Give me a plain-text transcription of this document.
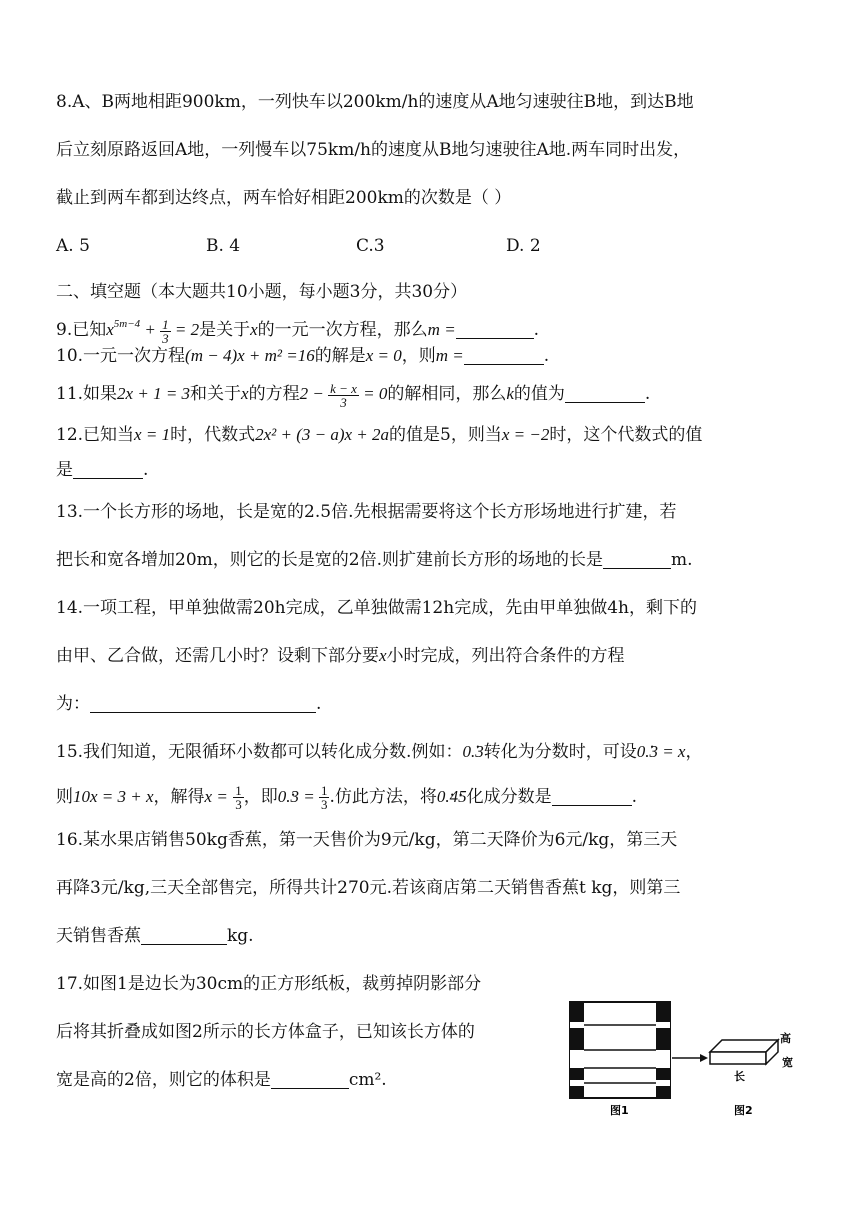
8.A、B两地相距900km，一列快车以200km/h的速度从A地匀速驶往B地，到达B地
后立刻原路返回A地，一列慢车以75km/h的速度从B地匀速驶往A地.两车同时出发，
截止到两车都到达终点，两车恰好相距200km的次数是（ ）
A. 5	B. 4	C.3	D. 2
二、填空题（本大题共10小题，每小题3分，共30分）
9.已知$x^{5m-4} + \frac{1}{3} = 2$是关于x的一元一次方程，那么m =	.
10.一元一次方程(m − 4)x + m² =16的解是x = 0，则m =	.
11.如果2x + 1 = 3和关于x的方程$2 - \frac{k - x}{3} = 0$的解相同，那么k的值为	.
12.已知当x = 1时，代数式2x² + (3 − a)x + 2a的值是5，则当x = −2时，这个代数式的值
是	.
13.一个长方形的场地，长是宽的2.5倍.先根据需要将这个长方形场地进行扩建，若
把长和宽各增加20m，则它的长是宽的2倍.则扩建前长方形的场地的长是	m.
14.一项工程，甲单独做需20h完成，乙单独做需12h完成，先由甲单独做4h，剩下的
由甲、乙合做，还需几小时？设剩下部分要x小时完成，列出符合条件的方程
为：	.
15.我们知道，无限循环小数都可以转化成分数.例如：0.• 3转化为分数时，可设0.• 3 = x，
则10x = 3 + x，解得$x = \frac{1}{3}$ ，即0.• $3 = \frac{1}{3}$ .仿此方法，将0.• 4• 5化成分数是	.
16.某水果店销售50kg香蕉，第一天售价为9元/kg，第二天降价为6元/kg，第三天
再降3元/kg,三天全部售完，所得共计270元.若该商店第二天销售香蕉t kg，则第三
天销售香蕉	kg.
17.如图1是边长为30cm的正方形纸板，裁剪掉阴影部分
后将其折叠成如图2所示的长方体盒子，已知该长方体的
宽是高的2倍，则它的体积是	cm².
高
宽
长
图1	图2
